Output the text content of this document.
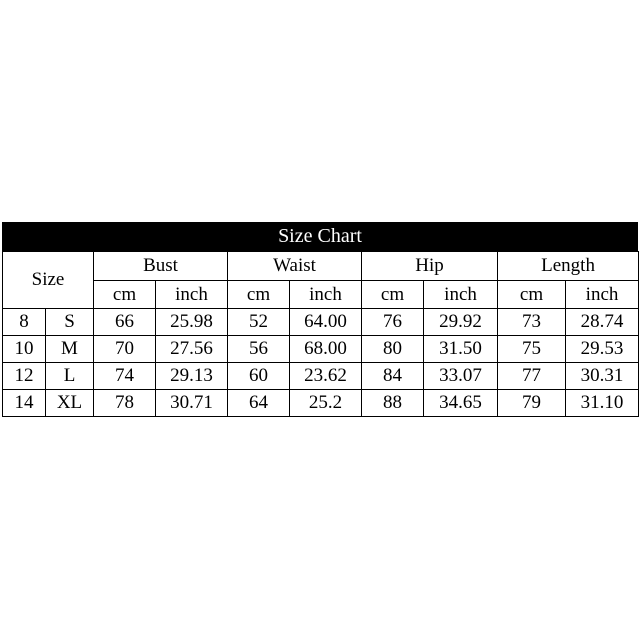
Size Chart
Size		Bust		Waist		Hip		Length	
		cm	inch	cm	inch	cm	inch	cm	inch
8	S	66	25.98	52	64.00	76	29.92	73	28.74
10	M	70	27.56	56	68.00	80	31.50	75	29.53
12	L	74	29.13	60	23.62	84	33.07	77	30.31
14	XL	78	30.71	64	25.2	88	34.65	79	31.10
